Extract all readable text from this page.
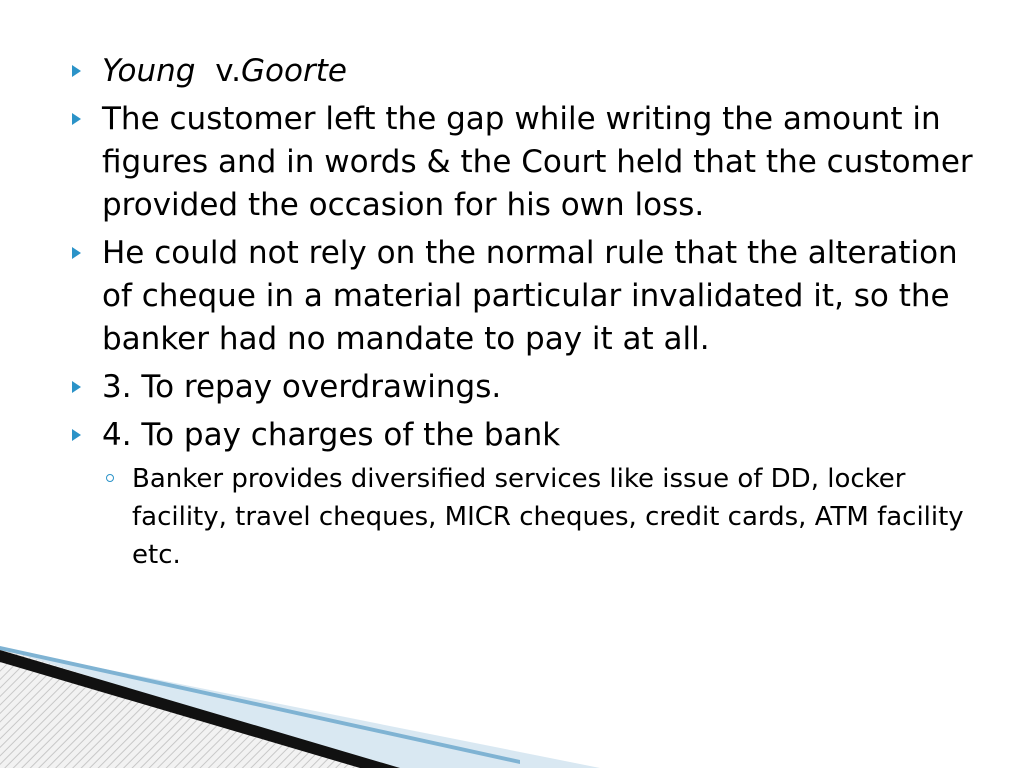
Young  v.Goorte
The customer left the gap while writing the amount in figures and in words & the Court held that the customer provided the occasion for his own loss.
He could not rely on the normal rule that the alteration of cheque in a material particular invalidated it, so the banker had no mandate to pay it at all.
3. To repay overdrawings.
4. To pay charges of the bank
Banker provides diversified services like issue of DD, locker facility, travel cheques, MICR cheques, credit cards, ATM facility etc.
